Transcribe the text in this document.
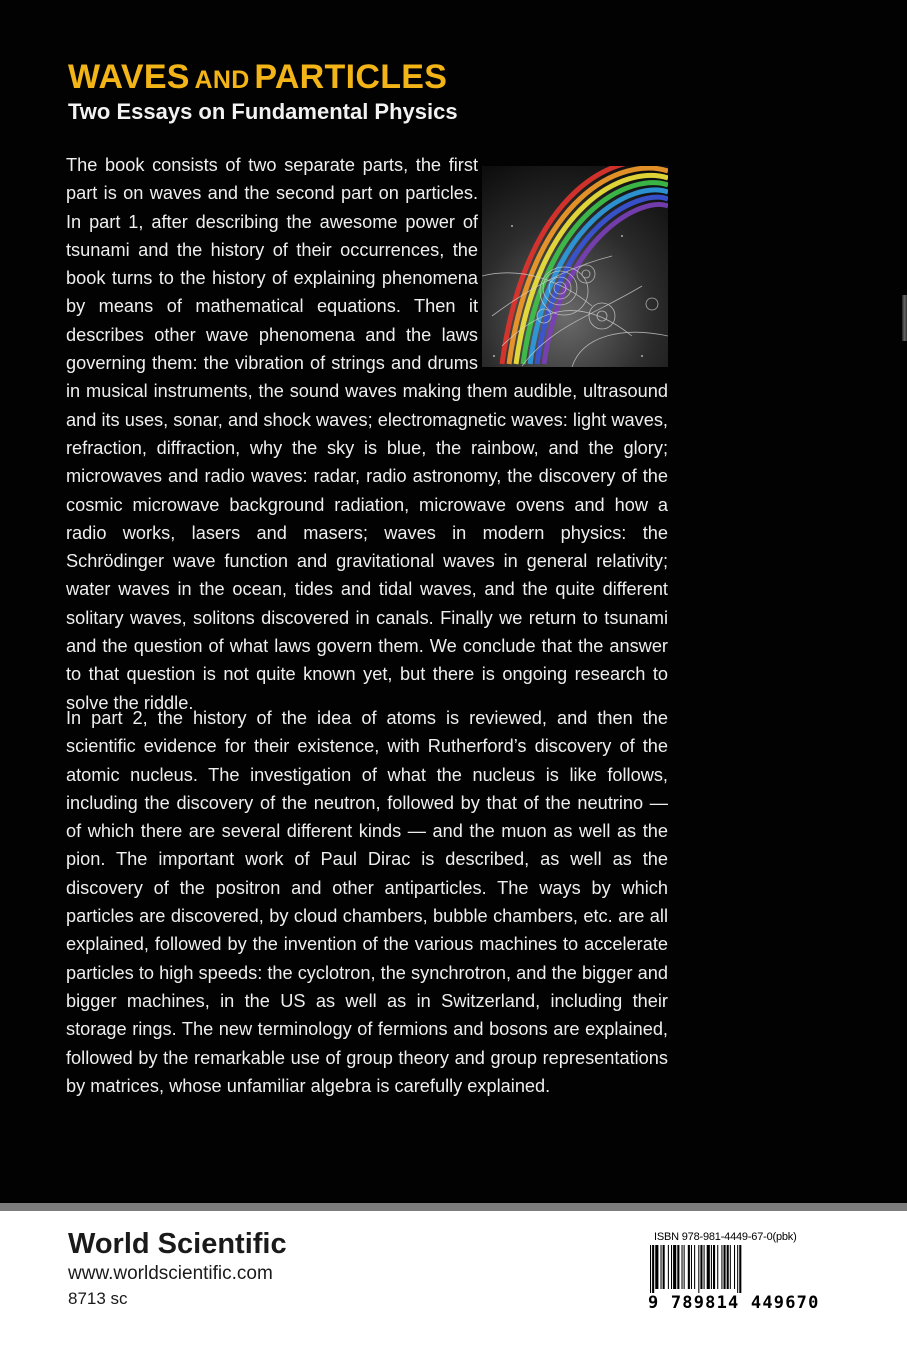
WAVES AND PARTICLES
Two Essays on Fundamental Physics

The book consists of two separate parts, the first part is on waves and the second part on particles. In part 1, after describing the awesome power of tsunami and the history of their occurrences, the book turns to the history of explaining phenomena by means of mathematical equations. Then it describes other wave phenomena and the laws governing them: the vibration of strings and drums in musical instruments, the sound waves making them audible, ultrasound and its uses, sonar, and shock waves; electromagnetic waves: light waves, refraction, diffraction, why the sky is blue, the rainbow, and the glory; microwaves and radio waves: radar, radio astronomy, the discovery of the cosmic microwave background radiation, microwave ovens and how a radio works, lasers and masers; waves in modern physics: the Schrödinger wave function and gravitational waves in general relativity; water waves in the ocean, tides and tidal waves, and the quite different solitary waves, solitons discovered in canals. Finally we return to tsunami and the question of what laws govern them. We conclude that the answer to that question is not quite known yet, but there is ongoing research to solve the riddle.

In part 2, the history of the idea of atoms is reviewed, and then the scientific evidence for their existence, with Rutherford’s discovery of the atomic nucleus. The investigation of what the nucleus is like follows, including the discovery of the neutron, followed by that of the neutrino — of which there are several different kinds — and the muon as well as the pion. The important work of Paul Dirac is described, as well as the discovery of the positron and other antiparticles. The ways by which particles are discovered, by cloud chambers, bubble chambers, etc. are all explained, followed by the invention of the various machines to accelerate particles to high speeds: the cyclotron, the synchrotron, and the bigger and bigger machines, in the US as well as in Switzerland, including their storage rings. The new terminology of fermions and bosons are explained, followed by the remarkable use of group theory and group representations by matrices, whose unfamiliar algebra is carefully explained.

World Scientific
www.worldscientific.com
8713 sc
ISBN 978-981-4449-67-0(pbk)
9 789814 449670
